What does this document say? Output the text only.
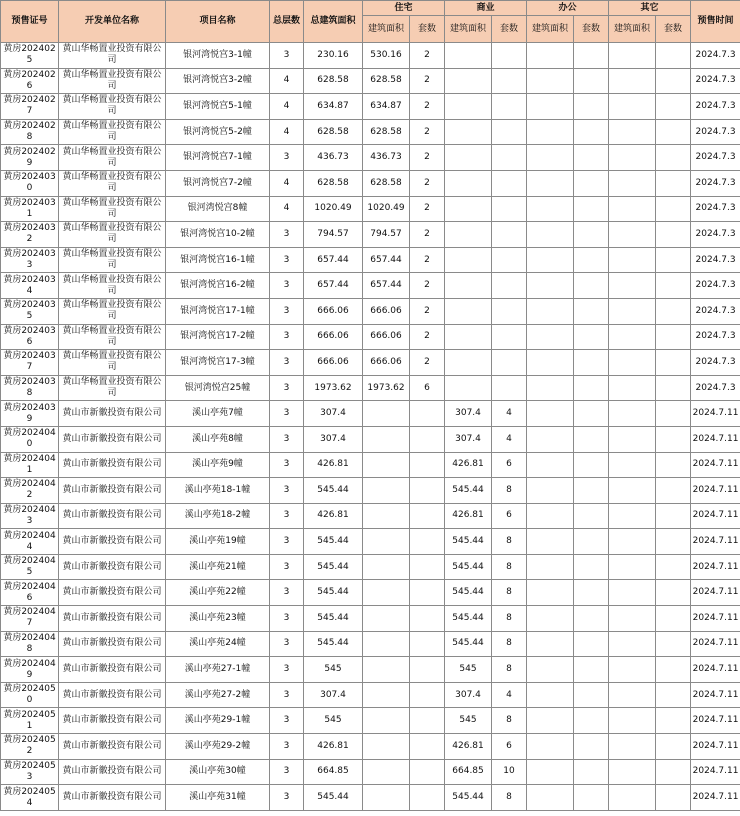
预售证号	开发单位名称	项目名称	总层数	总建筑面积	住宅		商业		办公		其它		预售时间
					建筑面积	套数	建筑面积	套数	建筑面积	套数	建筑面积	套数	
黄房2024025	黄山华畅置业投资有限公司	银河湾悦宫3-1幢	3	230.16	530.16	2							2024.7.3
黄房2024026	黄山华畅置业投资有限公司	银河湾悦宫3-2幢	4	628.58	628.58	2							2024.7.3
黄房2024027	黄山华畅置业投资有限公司	银河湾悦宫5-1幢	4	634.87	634.87	2							2024.7.3
黄房2024028	黄山华畅置业投资有限公司	银河湾悦宫5-2幢	4	628.58	628.58	2							2024.7.3
黄房2024029	黄山华畅置业投资有限公司	银河湾悦宫7-1幢	3	436.73	436.73	2							2024.7.3
黄房2024030	黄山华畅置业投资有限公司	银河湾悦宫7-2幢	4	628.58	628.58	2							2024.7.3
黄房2024031	黄山华畅置业投资有限公司	银河湾悦宫8幢	4	1020.49	1020.49	2							2024.7.3
黄房2024032	黄山华畅置业投资有限公司	银河湾悦宫10-2幢	3	794.57	794.57	2							2024.7.3
黄房2024033	黄山华畅置业投资有限公司	银河湾悦宫16-1幢	3	657.44	657.44	2							2024.7.3
黄房2024034	黄山华畅置业投资有限公司	银河湾悦宫16-2幢	3	657.44	657.44	2							2024.7.3
黄房2024035	黄山华畅置业投资有限公司	银河湾悦宫17-1幢	3	666.06	666.06	2							2024.7.3
黄房2024036	黄山华畅置业投资有限公司	银河湾悦宫17-2幢	3	666.06	666.06	2							2024.7.3
黄房2024037	黄山华畅置业投资有限公司	银河湾悦宫17-3幢	3	666.06	666.06	2							2024.7.3
黄房2024038	黄山华畅置业投资有限公司	银河湾悦宫25幢	3	1973.62	1973.62	6							2024.7.3
黄房2024039	黄山市新徽投资有限公司	溪山亭苑7幢	3	307.4			307.4	4					2024.7.11
黄房2024040	黄山市新徽投资有限公司	溪山亭苑8幢	3	307.4			307.4	4					2024.7.11
黄房2024041	黄山市新徽投资有限公司	溪山亭苑9幢	3	426.81			426.81	6					2024.7.11
黄房2024042	黄山市新徽投资有限公司	溪山亭苑18-1幢	3	545.44			545.44	8					2024.7.11
黄房2024043	黄山市新徽投资有限公司	溪山亭苑18-2幢	3	426.81			426.81	6					2024.7.11
黄房2024044	黄山市新徽投资有限公司	溪山亭苑19幢	3	545.44			545.44	8					2024.7.11
黄房2024045	黄山市新徽投资有限公司	溪山亭苑21幢	3	545.44			545.44	8					2024.7.11
黄房2024046	黄山市新徽投资有限公司	溪山亭苑22幢	3	545.44			545.44	8					2024.7.11
黄房2024047	黄山市新徽投资有限公司	溪山亭苑23幢	3	545.44			545.44	8					2024.7.11
黄房2024048	黄山市新徽投资有限公司	溪山亭苑24幢	3	545.44			545.44	8					2024.7.11
黄房2024049	黄山市新徽投资有限公司	溪山亭苑27-1幢	3	545			545	8					2024.7.11
黄房2024050	黄山市新徽投资有限公司	溪山亭苑27-2幢	3	307.4			307.4	4					2024.7.11
黄房2024051	黄山市新徽投资有限公司	溪山亭苑29-1幢	3	545			545	8					2024.7.11
黄房2024052	黄山市新徽投资有限公司	溪山亭苑29-2幢	3	426.81			426.81	6					2024.7.11
黄房2024053	黄山市新徽投资有限公司	溪山亭苑30幢	3	664.85			664.85	10					2024.7.11
黄房2024054	黄山市新徽投资有限公司	溪山亭苑31幢	3	545.44			545.44	8					2024.7.11
